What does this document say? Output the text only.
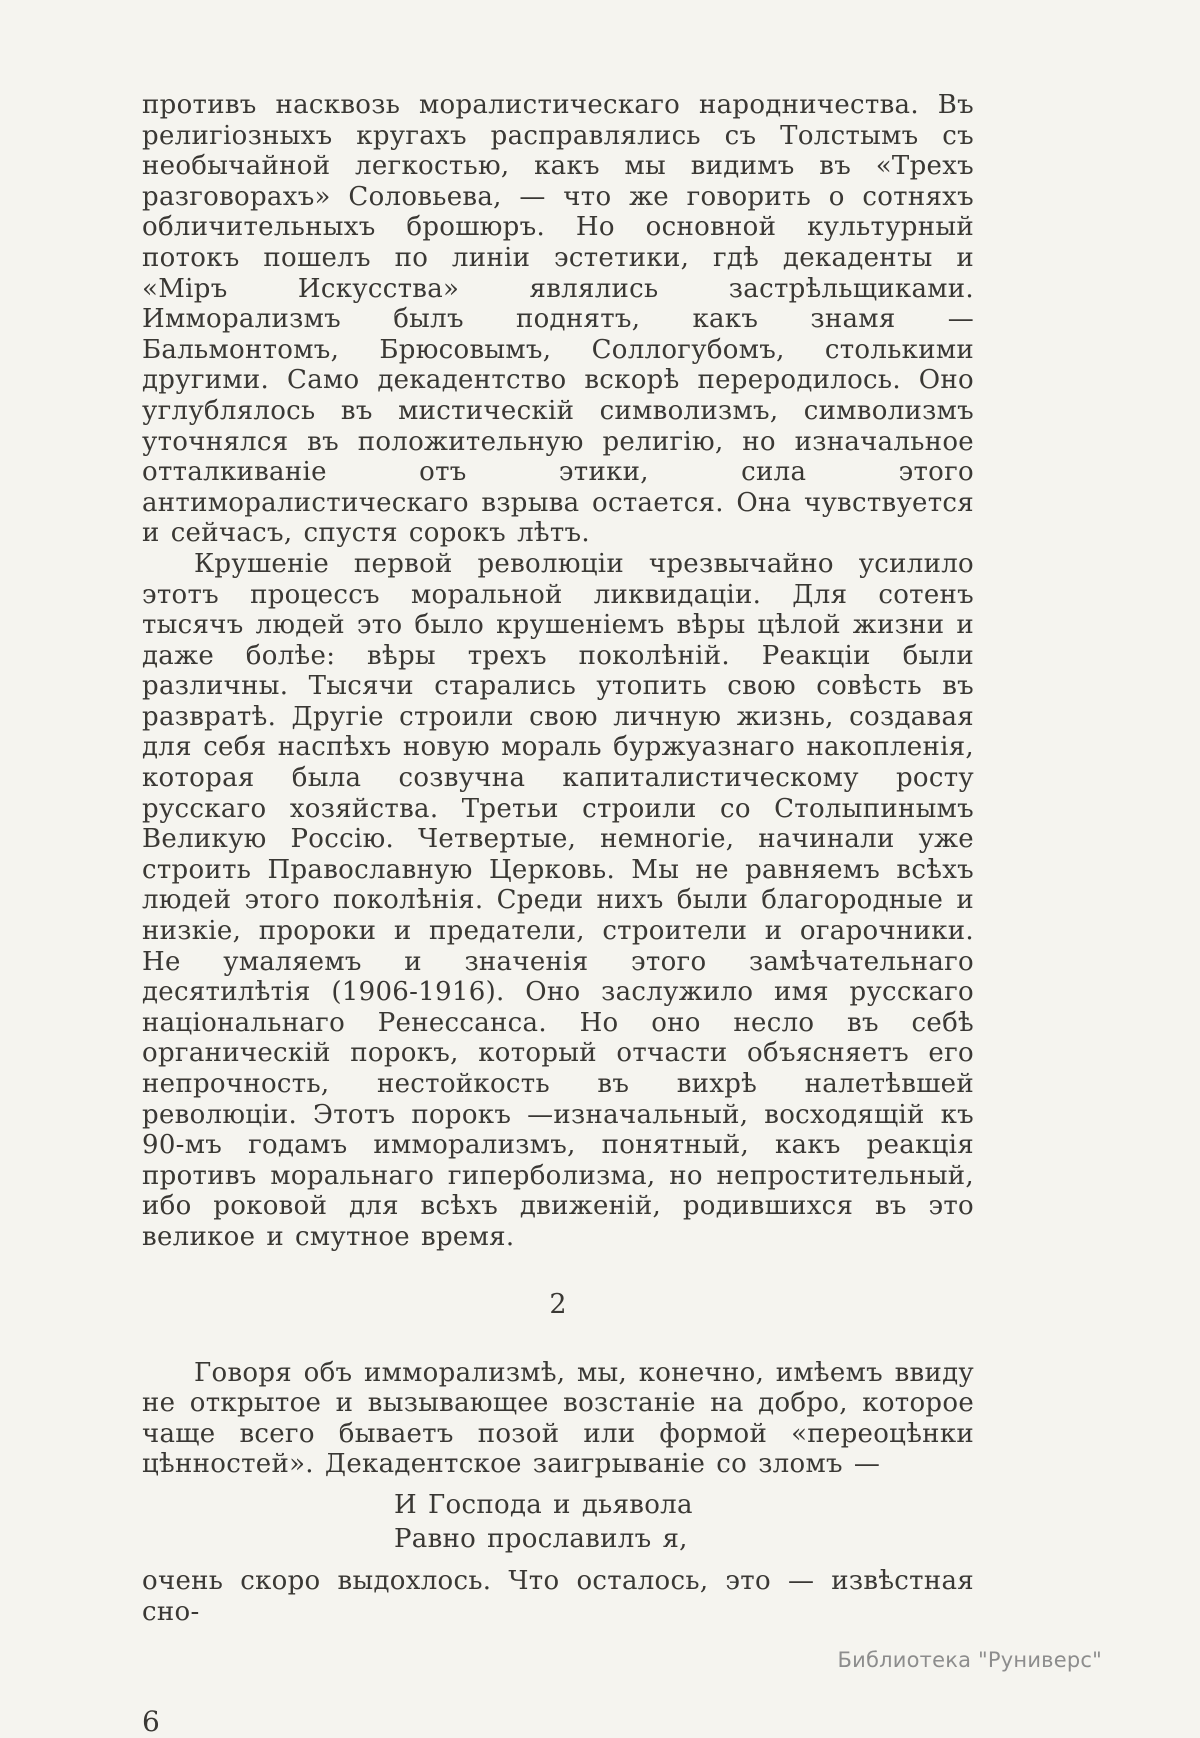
противъ насквозь моралистическаго народничества. Въ религіозныхъ кругахъ расправлялись съ Толстымъ съ необычайной легкостью, какъ мы видимъ въ «Трехъ разговорахъ» Соловьева, — что же говорить о сотняхъ обличительныхъ брошюръ. Но основной культурный потокъ пошелъ по линіи эстетики, гдѣ декаденты и «Міръ Искусства» являлись застрѣльщиками. Имморализмъ былъ поднятъ, какъ знамя — Бальмонтомъ, Брюсовымъ, Соллогубомъ, столькими другими. Само декадентство вскорѣ переродилось. Оно углублялось въ мистическій символизмъ, символизмъ уточнялся въ положительную религію, но изначальное отталкиваніе отъ этики, сила этого антиморалистическаго взрыва остается. Она чувствуется и сейчасъ, спустя сорокъ лѣтъ.

Крушеніе первой революціи чрезвычайно усилило этотъ процессъ моральной ликвидаціи. Для сотенъ тысячъ людей это было крушеніемъ вѣры цѣлой жизни и даже болѣе: вѣры трехъ поколѣній. Реакціи были различны. Тысячи старались утопить свою совѣсть въ развратѣ. Другіе строили свою личную жизнь, создавая для себя наспѣхъ новую мораль буржуазнаго накопленія, которая была созвучна капиталистическому росту русскаго хозяйства. Третьи строили со Столыпинымъ Великую Россію. Четвертые, немногіе, начинали уже строить Православную Церковь. Мы не равняемъ всѣхъ людей этого поколѣнія. Среди нихъ были благородные и низкіе, пророки и предатели, строители и огарочники. Не умаляемъ и значенія этого замѣчательнаго десятилѣтія (1906-1916). Оно заслужило имя русскаго національнаго Ренессанса. Но оно несло въ себѣ органическій порокъ, который отчасти объясняетъ его непрочность, нестойкость въ вихрѣ налетѣвшей революціи. Этотъ порокъ —изначальный, восходящій къ 90-мъ годамъ имморализмъ, понятный, какъ реакція противъ моральнаго гиперболизма, но непростительный, ибо роковой для всѣхъ движеній, родившихся въ это великое и смутное время.

2

Говоря объ имморализмѣ, мы, конечно, имѣемъ ввиду не открытое и вызывающее возстаніе на добро, которое чаще всего бываетъ позой или формой «переоцѣнки цѣнностей». Декадентское заигрываніе со зломъ —

И Господа и дьявола
Равно прославилъ я,

очень скоро выдохлось. Что осталось, это — извѣстная сно-

6
Библиотека "Руниверс"
